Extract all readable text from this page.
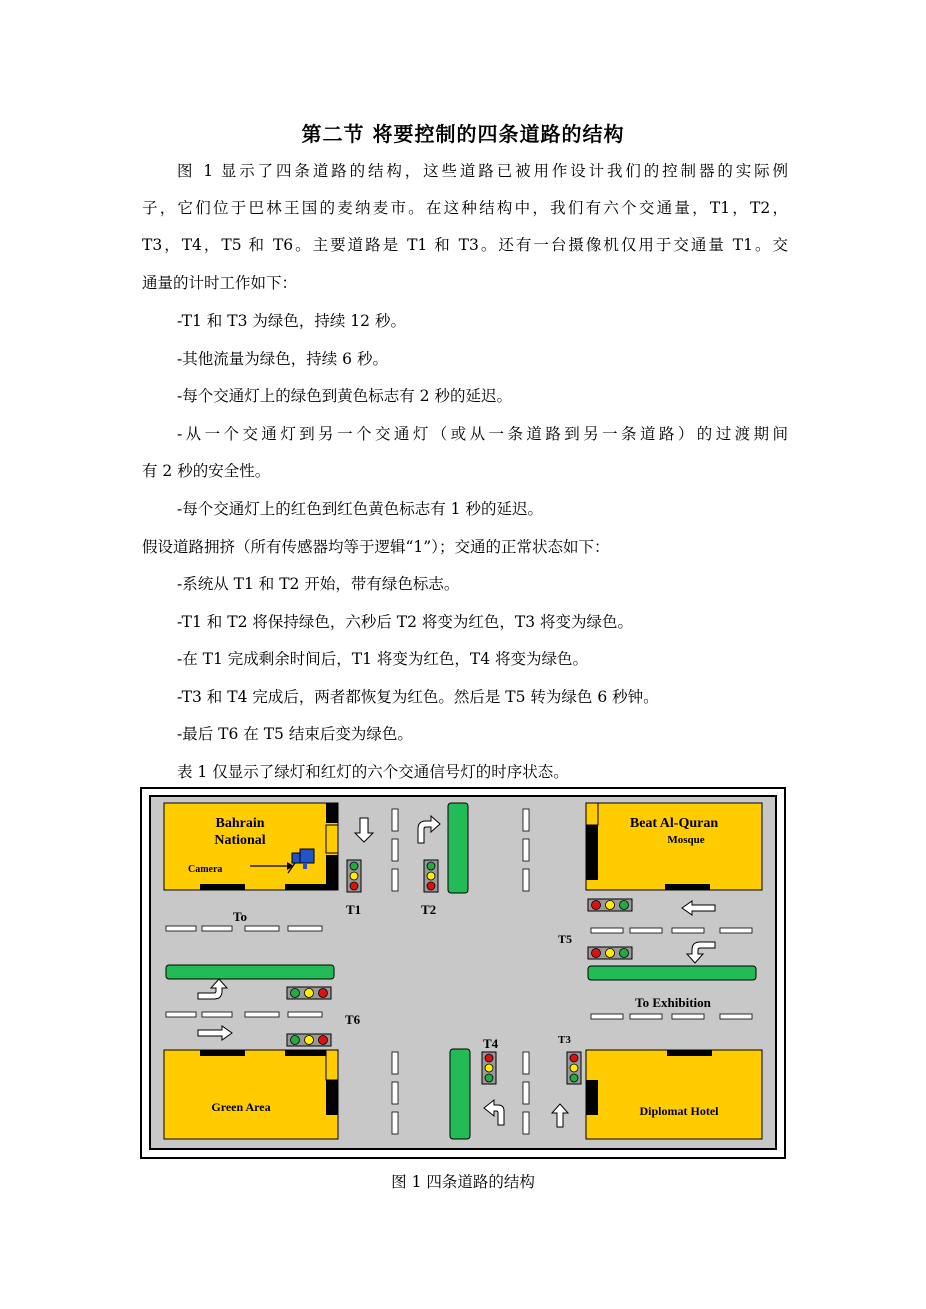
第二节 将要控制的四条道路的结构
图 1 显示了四条道路的结构，这些道路已被用作设计我们的控制器的实际例
子，它们位于巴林王国的麦纳麦市。在这种结构中，我们有六个交通量，T1，T2，
T3，T4，T5 和 T6。主要道路是 T1 和 T3。还有一台摄像机仅用于交通量 T1。交
通量的计时工作如下：
-T1 和 T3 为绿色，持续 12 秒。
-其他流量为绿色，持续 6 秒。
-每个交通灯上的绿色到黄色标志有 2 秒的延迟。
-从一个交通灯到另一个交通灯（或从一条道路到另一条道路）的过渡期间
有 2 秒的安全性。
-每个交通灯上的红色到红色黄色标志有 1 秒的延迟。
假设道路拥挤（所有传感器均等于逻辑“1”）；交通的正常状态如下：
-系统从 T1 和 T2 开始，带有绿色标志。
-T1 和 T2 将保持绿色，六秒后 T2 将变为红色，T3 将变为绿色。
-在 T1 完成剩余时间后，T1 将变为红色，T4 将变为绿色。
-T3 和 T4 完成后，两者都恢复为红色。然后是 T5 转为绿色 6 秒钟。
-最后 T6 在 T5 结束后变为绿色。
表 1 仅显示了绿灯和红灯的六个交通信号灯的时序状态。
Bahrain
National
Camera
Beat Al-Quran
Mosque
Green Area	Diplomat Hotel
To
To Exhibition
T1	T2
T3
T4
T5
T6
图 1 四条道路的结构
